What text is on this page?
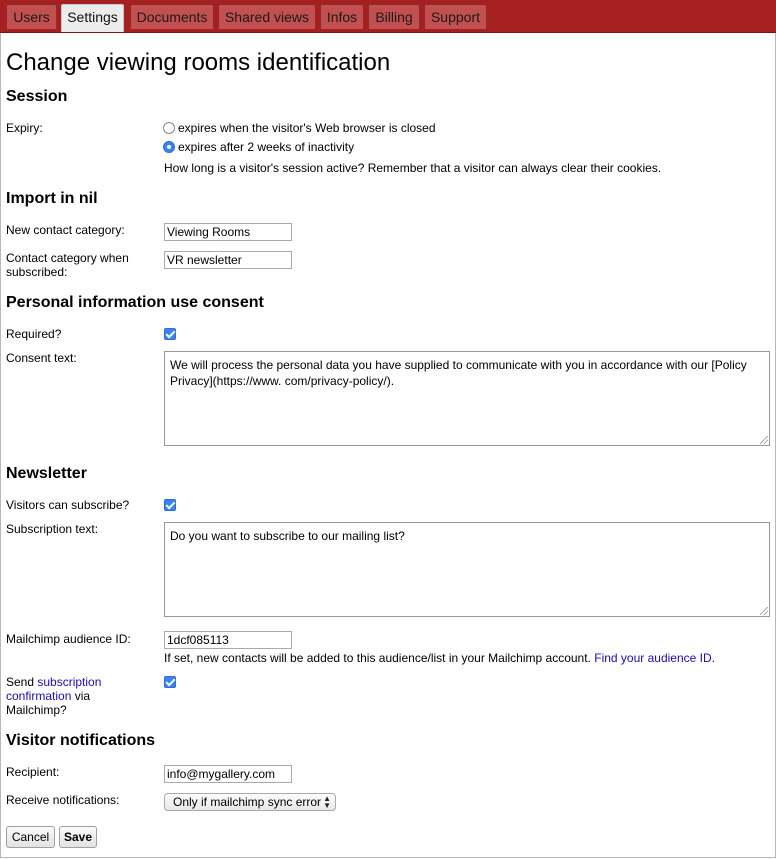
Users	Settings	Documents	Shared views	Infos	Billing	Support
Change viewing rooms identification
Session
Expiry:	expires when the visitor's Web browser is closed
expires after 2 weeks of inactivity
How long is a visitor's session active? Remember that a visitor can always clear their cookies.
Import in nil
New contact category:
Viewing Rooms
Contact category when subscribed:
VR newsletter
Personal information use consent
Required?
Consent text:	We will process the personal data you have supplied to communicate with you in accordance with our [Policy Privacy](https://www. com/privacy-policy/).
Newsletter
Visitors can subscribe?
Subscription text:	Do you want to subscribe to our mailing list?
Mailchimp audience ID:
1dcf085113
If set, new contacts will be added to this audience/list in your Mailchimp account. Find your audience ID.
Send subscription confirmation via Mailchimp?
Visitor notifications
Recipient:
info@mygallery.com
Receive notifications:	Only if mailchimp sync error ▲
▼
Cancel	Save
